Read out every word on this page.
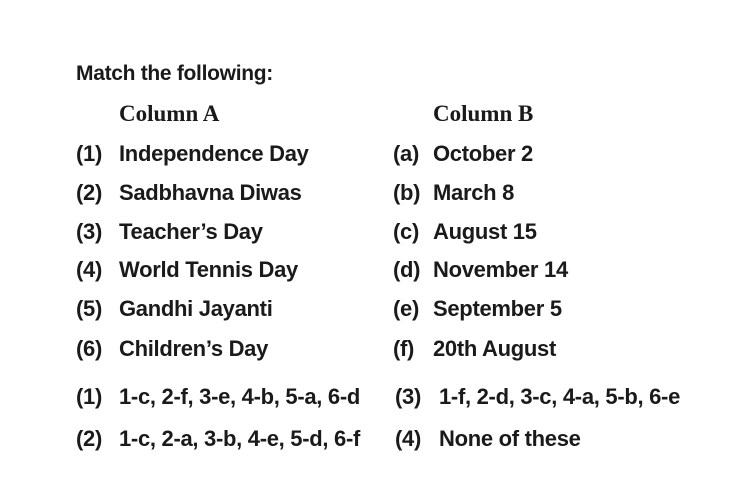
Match the following:
Column A	Column B
(1) Independence Day
(2) Sadbhavna Diwas
(3) Teacher’s Day
(4) World Tennis Day
(5) Gandhi Jayanti
(6) Children’s Day
(a) October 2
(b) March 8
(c) August 15
(d) November 14
(e) September 5
(f) 20th August
(1) 1-c, 2-f, 3-e, 4-b, 5-a, 6-d
(2) 1-c, 2-a, 3-b, 4-e, 5-d, 6-f
(3) 1-f, 2-d, 3-c, 4-a, 5-b, 6-e
(4) None of these
